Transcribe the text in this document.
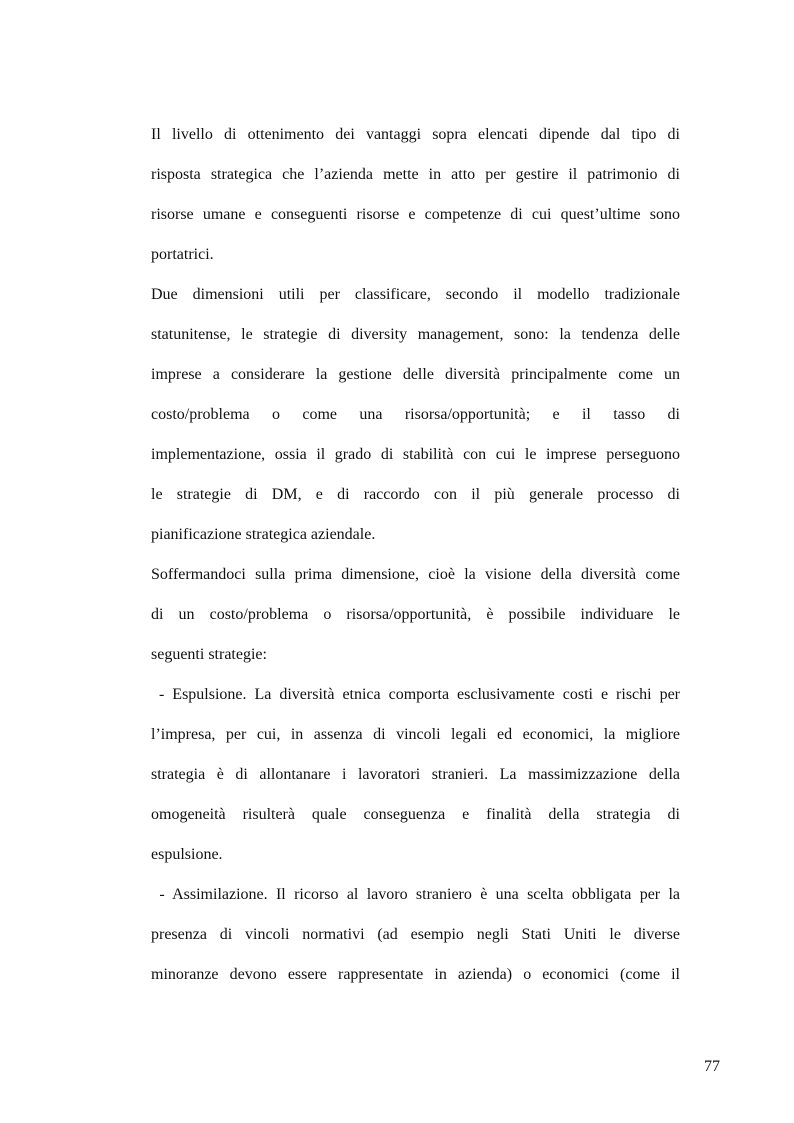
Il livello di ottenimento dei vantaggi sopra elencati dipende dal tipo di
risposta strategica che l’azienda mette in atto per gestire il patrimonio di
risorse umane e conseguenti risorse e competenze di cui quest’ultime sono
portatrici.
Due dimensioni utili per classificare, secondo il modello tradizionale
statunitense, le strategie di diversity management, sono: la tendenza delle
imprese a considerare la gestione delle diversità principalmente come un
costo/problema o come una risorsa/opportunità; e il tasso di
implementazione, ossia il grado di stabilità con cui le imprese perseguono
le strategie di DM, e di raccordo con il più generale processo di
pianificazione strategica aziendale.
Soffermandoci sulla prima dimensione, cioè la visione della diversità come
di un costo/problema o risorsa/opportunità, è possibile individuare le
seguenti strategie:
- Espulsione. La diversità etnica comporta esclusivamente costi e rischi per
l’impresa, per cui, in assenza di vincoli legali ed economici, la migliore
strategia è di allontanare i lavoratori stranieri. La massimizzazione della
omogeneità risulterà quale conseguenza e finalità della strategia di
espulsione.
- Assimilazione. Il ricorso al lavoro straniero è una scelta obbligata per la
presenza di vincoli normativi (ad esempio negli Stati Uniti le diverse
minoranze devono essere rappresentate in azienda) o economici (come il
77
